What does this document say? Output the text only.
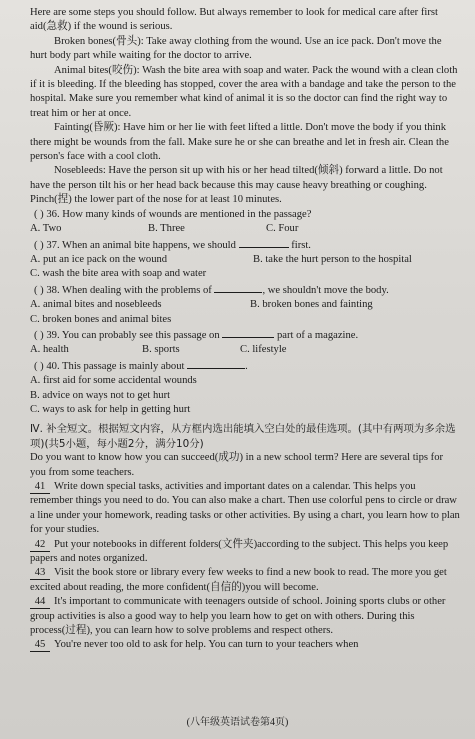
Here are some steps you should follow. But always remember to look for medical care after first aid(急救) if the wound is serious.

Broken bones(骨头): Take away clothing from the wound. Use an ice pack. Don't move the hurt body part while waiting for the doctor to arrive.

Animal bites(咬伤): Wash the bite area with soap and water. Pack the wound with a clean cloth if it is bleeding. If the bleeding has stopped, cover the area with a bandage and take the person to the hospital. Make sure you remember what kind of animal it is so the doctor can find the right way to treat him or her at once.

Fainting(昏厥): Have him or her lie with feet lifted a little. Don't move the body if you think there might be wounds from the fall. Make sure he or she can breathe and let in fresh air. Clean the person's face with a cool cloth.

Nosebleeds: Have the person sit up with his or her head tilted(倾斜) forward a little. Do not have the person tilt his or her head back because this may cause heavy breathing or coughing. Pinch(捏) the lower part of the nose for at least 10 minutes.

( ) 36. How many kinds of wounds are mentioned in the passage?

A. Two	B. Three	C. Four

( ) 37. When an animal bite happens, we should	first.

A. put an ice pack on the wound	B. take the hurt person to the hospital

C. wash the bite area with soap and water

( ) 38. When dealing with the problems of	, we shouldn't move the body.

A. animal bites and nosebleeds	B. broken bones and fainting

C. broken bones and animal bites

( ) 39. You can probably see this passage on	part of a magazine.

A. health	B. sports	C. lifestyle

( ) 40. This passage is mainly about	.

A. first aid for some accidental wounds

B. advice on ways not to get hurt

C. ways to ask for help in getting hurt

Ⅳ. 补全短文。根据短文内容，从方框内选出能填入空白处的最佳选项。(其中有两项为多余选项)(共5小题，每小题2分，满分10分)

Do you want to know how you can succeed(成功) in a new school term? Here are several tips for you from some teachers.

41 Write down special tasks, activities and important dates on a calendar. This helps you remember things you need to do. You can also make a chart. Then use colorful pens to circle or draw a line under your homework, reading tasks or other activities. By using a chart, you learn how to plan for your studies.

42 Put your notebooks in different folders(文件夹)according to the subject. This helps you keep papers and notes organized.

43 Visit the book store or library every few weeks to find a new book to read. The more you get excited about reading, the more confident(自信的)you will become.

44 It's important to communicate with teenagers outside of school. Joining sports clubs or other group activities is also a good way to help you learn how to get on with others. During this process(过程), you can learn how to solve problems and respect others.

45 You're never too old to ask for help. You can turn to your teachers when

(八年级英语试卷第4页)
